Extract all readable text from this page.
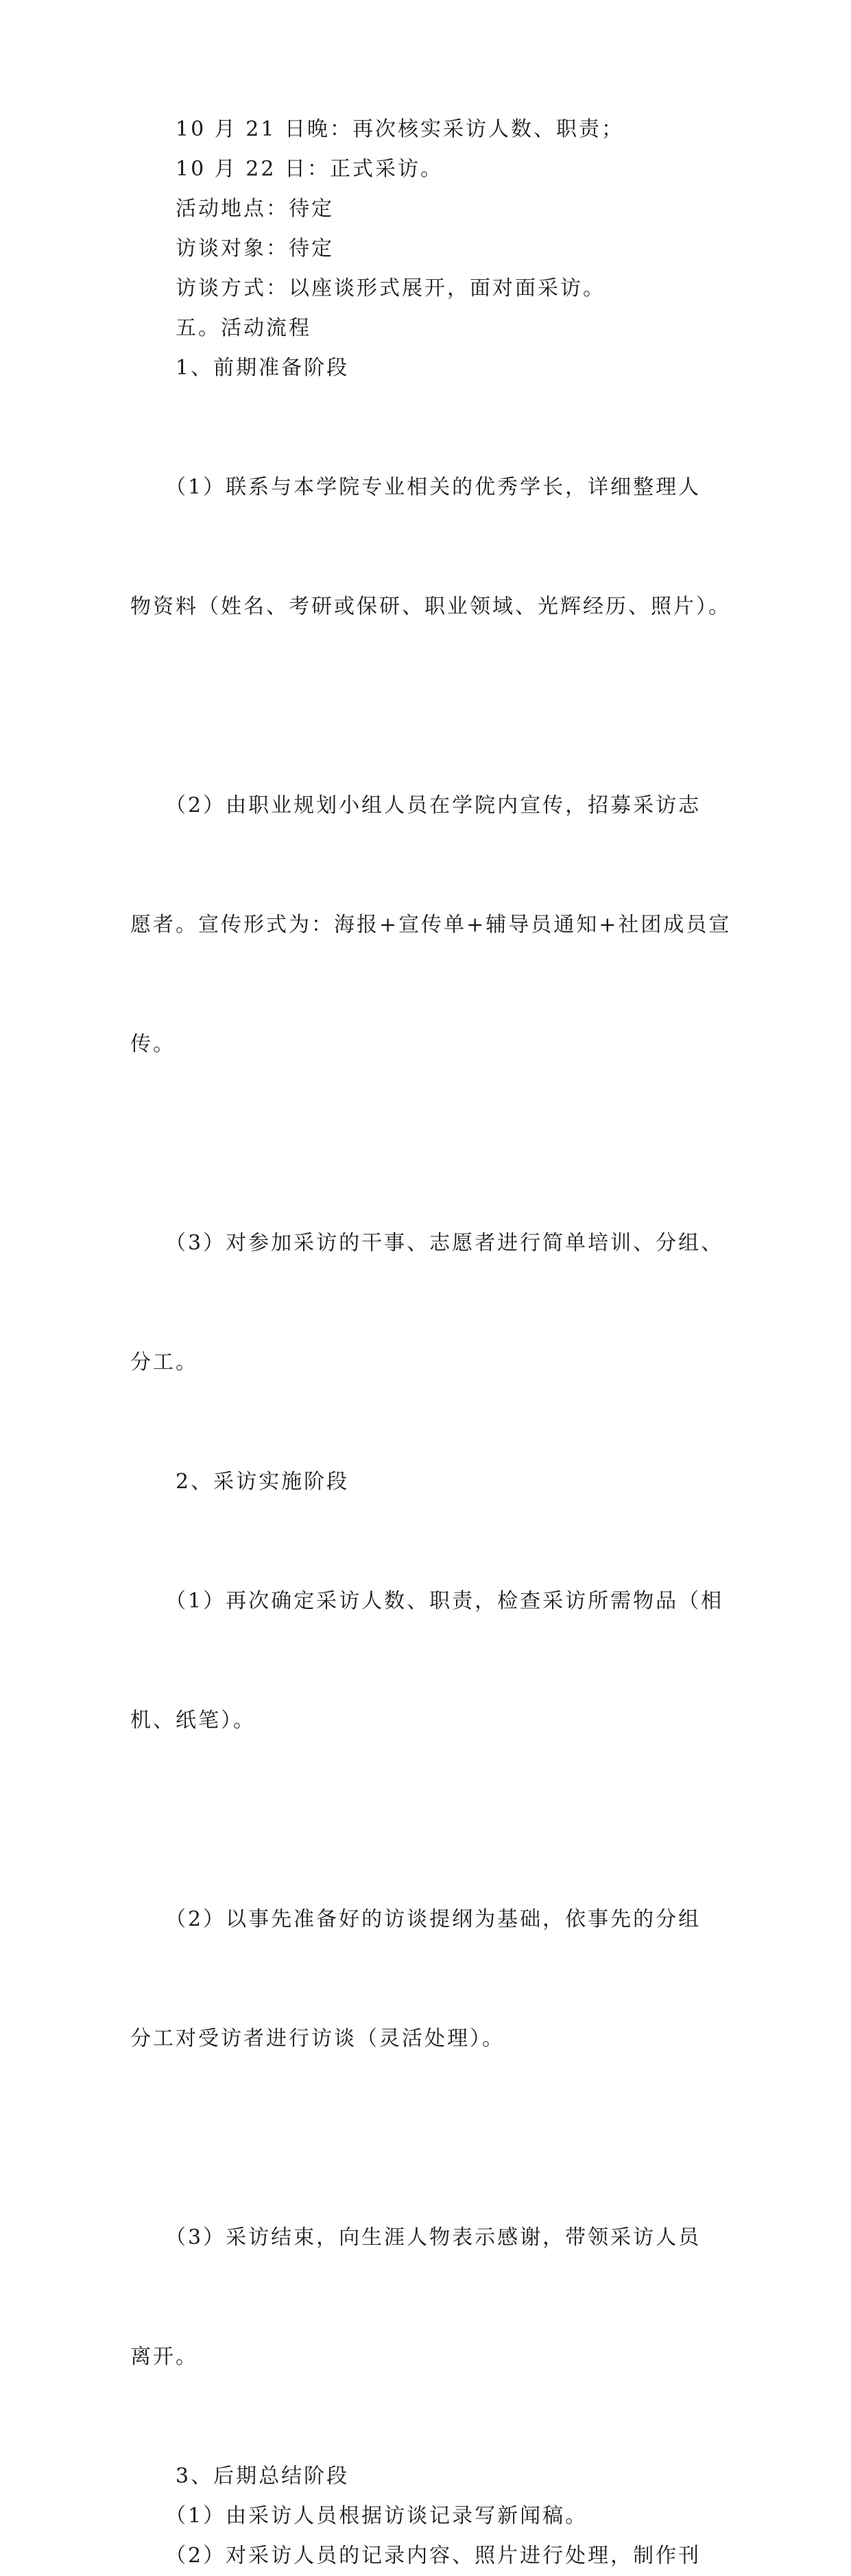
　　10 月 21 日晚：再次核实采访人数、职责；
　　10 月 22 日：正式采访。
　　活动地点：待定
　　访谈对象：待定
　　访谈方式：以座谈形式展开，面对面采访。
　　五。活动流程
　　1、前期准备阶段

　　（1）联系与本学院专业相关的优秀学长，详细整理人

物资料（姓名、考研或保研、职业领域、光辉经历、照片）。

　　（2）由职业规划小组人员在学院内宣传，招募采访志

愿者。宣传形式为：海报+宣传单+辅导员通知+社团成员宣

传。

　　（3）对参加采访的干事、志愿者进行简单培训、分组、

分工。

　　2、采访实施阶段

　　（1）再次确定采访人数、职责，检查采访所需物品（相

机、纸笔）。

　　（2）以事先准备好的访谈提纲为基础，依事先的分组

分工对受访者进行访谈（灵活处理）。

　　（3）采访结束，向生涯人物表示感谢，带领采访人员

离开。

　　3、后期总结阶段
　　（1）由采访人员根据访谈记录写新闻稿。
　　（2）对采访人员的记录内容、照片进行处理，制作刊
